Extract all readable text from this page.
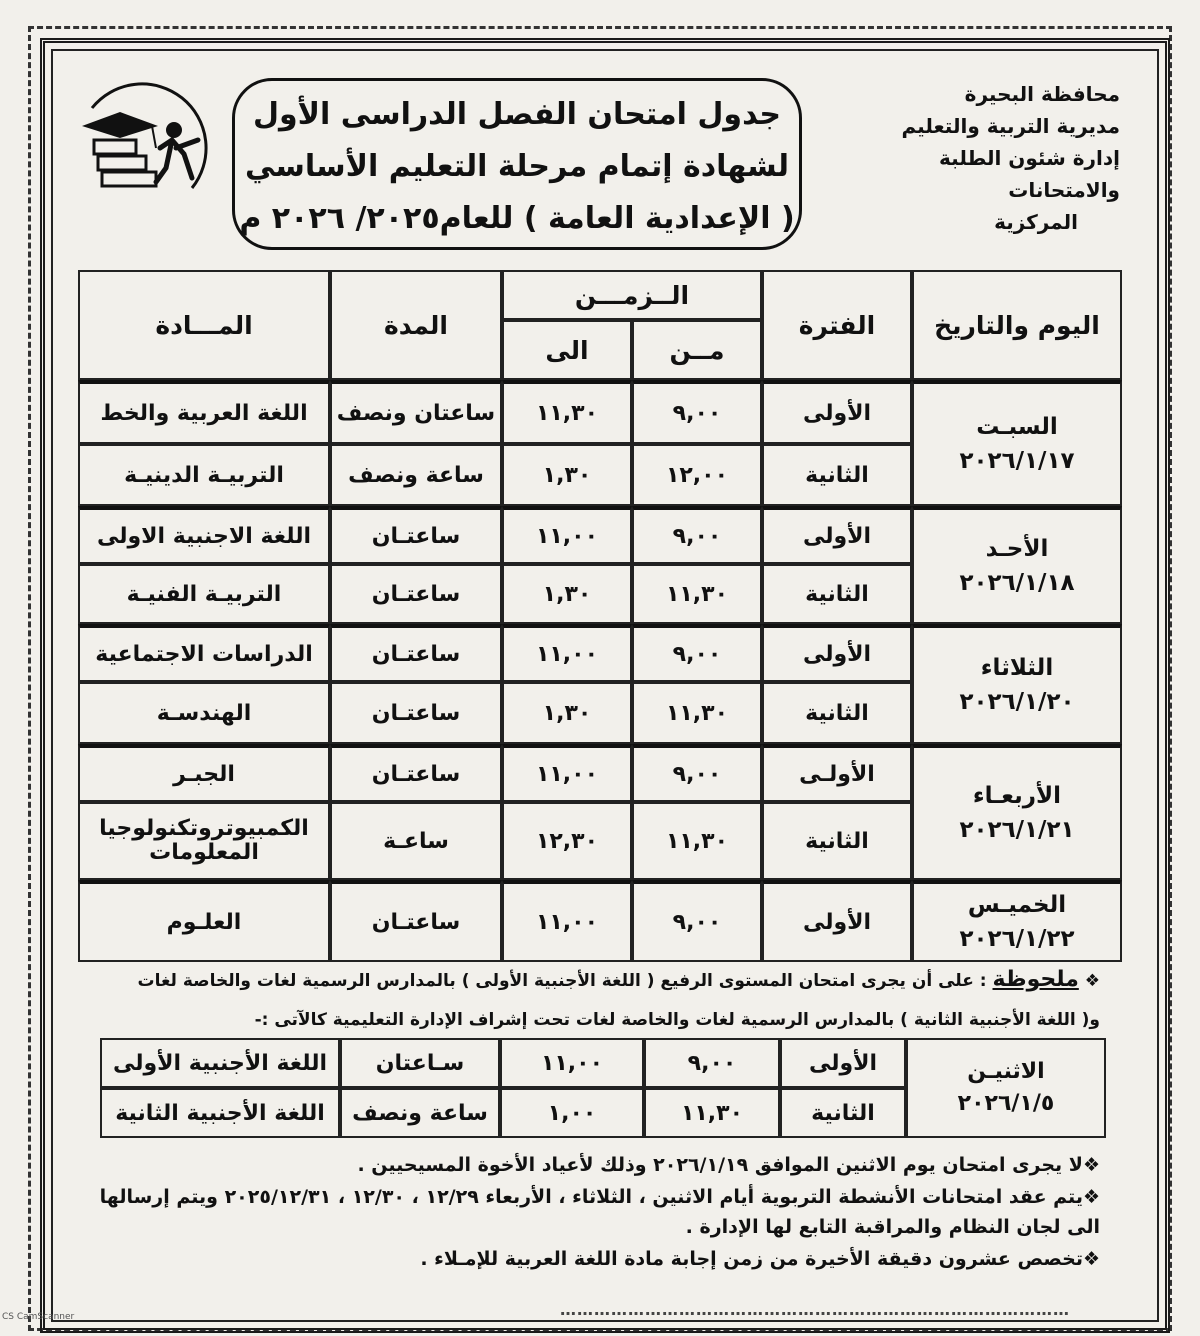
محافظة البحيرة
مديرية التربية والتعليم
إدارة شئون الطلبة والامتحانات
المركزية
جدول امتحان الفصل الدراسى الأول
لشهادة إتمام مرحلة التعليم الأساسي
( الإعدادية العامة ) للعام٢٠٢٥/ ٢٠٢٦ م
اليوم والتاريخ	الفترة	الــزمـــن		المدة	المـــادة
		مــن	الى		

السبـت
٢٠٢٦/١/١٧	الأولى	٩,٠٠	١١,٣٠	ساعتان ونصف	اللغة العربية والخط
	الثانية	١٢,٠٠	١,٣٠	ساعة ونصف	التربيـة الدينيـة

الأحـد
٢٠٢٦/١/١٨	الأولى	٩,٠٠	١١,٠٠	ساعتـان	اللغة الاجنبية الاولى
	الثانية	١١,٣٠	١,٣٠	ساعتـان	التربيـة الفنيـة

الثلاثاء
٢٠٢٦/١/٢٠	الأولى	٩,٠٠	١١,٠٠	ساعتـان	الدراسات الاجتماعية
	الثانية	١١,٣٠	١,٣٠	ساعتـان	الهندسـة

الأربعـاء
٢٠٢٦/١/٢١	الأولـى	٩,٠٠	١١,٠٠	ساعتـان	الجبـر
	الثانية	١١,٣٠	١٢,٣٠	ساعـة	الكمبيوتروتكنولوجيا المعلومات

الخميـس
٢٠٢٦/١/٢٢	الأولى	٩,٠٠	١١,٠٠	ساعتـان	العلـوم
❖ ملحوظة : على أن يجرى امتحان المستوى الرفيع ( اللغة الأجنبية الأولى ) بالمدارس الرسمية لغات والخاصة لغات
و( اللغة الأجنبية الثانية ) بالمدارس الرسمية لغات والخاصة لغات تحت إشراف الإدارة التعليمية كالآتى :-
الاثنيـن
٢٠٢٦/١/٥	الأولى	٩,٠٠	١١,٠٠	سـاعتان	اللغة الأجنبية الأولى
	الثانية	١١,٣٠	١,٠٠	ساعة ونصف	اللغة الأجنبية الثانية

❖لا يجرى امتحان يوم الاثنين الموافق ٢٠٢٦/١/١٩ وذلك لأعياد الأخوة المسيحيين .

❖يتم عقد امتحانات الأنشطة التربوية أيام الاثنين ، الثلاثاء ، الأربعاء ١٢/٢٩ ، ١٢/٣٠ ، ٢٠٢٥/١٢/٣١ ويتم إرسالها الى لجان النظام والمراقبة التابع لها الإدارة .

❖تخصص عشرون دقيقة الأخيرة من زمن إجابة مادة اللغة العربية للإمـلاء .

………………………………………………………………………………
CS CamScanner
